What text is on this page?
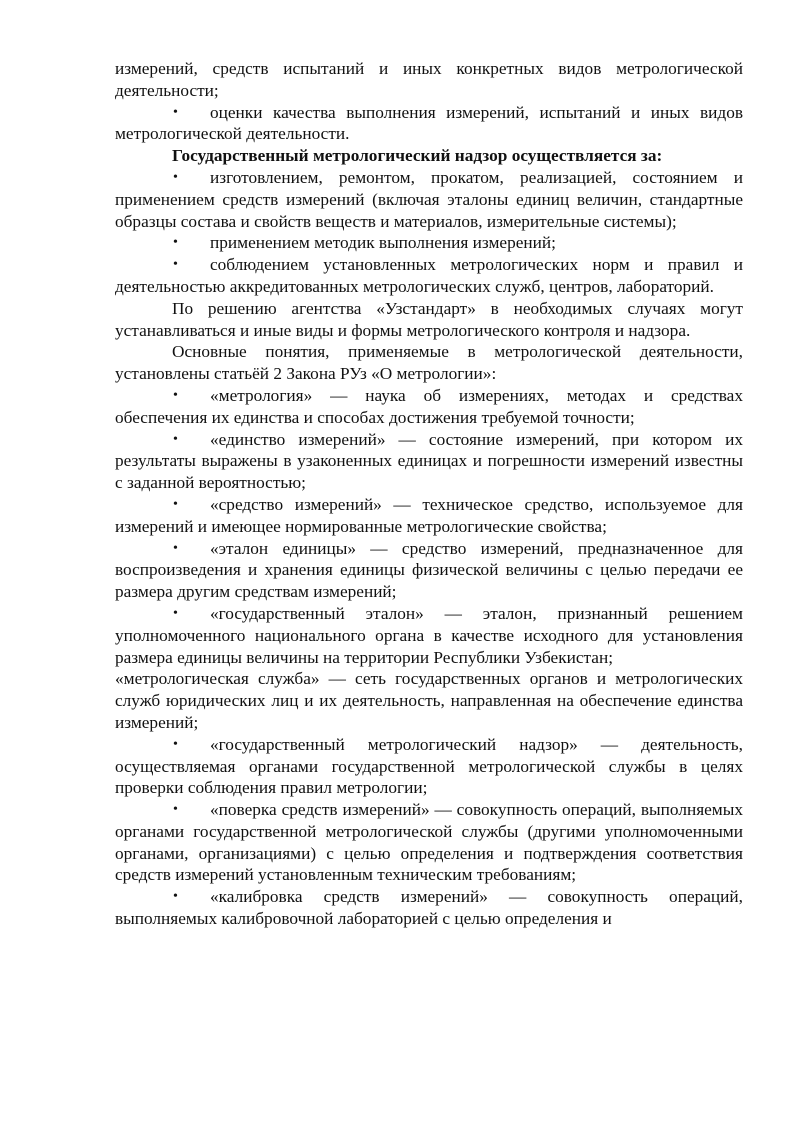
измерений, средств испытаний и иных конкретных видов метрологической деятельности;

• оценки качества выполнения измерений, испытаний и иных видов метрологической деятельности.

Государственный метрологический надзор осуществляется за:

• изготовлением, ремонтом, прокатом, реализацией, состоянием и применением средств измерений (включая эталоны единиц величин, стандартные образцы состава и свойств веществ и материалов, измерительные системы);

• применением методик выполнения измерений;

• соблюдением установленных метрологических норм и правил и деятельностью аккредитованных метрологических служб, центров, лабораторий.

По решению агентства «Узстандарт» в необходимых случаях могут устанавливаться и иные виды и формы метрологического контроля и надзора.

Основные понятия, применяемые в метрологической деятельности, установлены статьёй 2 Закона РУз «О метрологии»:

• «метрология» — наука об измерениях, методах и средствах обеспечения их единства и способах достижения требуемой точности;

• «единство измерений» — состояние измерений, при котором их результаты выражены в узаконенных единицах и погрешности измерений известны с заданной вероятностью;

• «средство измерений» — техническое средство, используемое для измерений и имеющее нормированные метрологические свойства;

• «эталон единицы» — средство измерений, предназначенное для воспроизведения и хранения единицы физической величины с целью передачи ее размера другим средствам измерений;

• «государственный эталон» — эталон, признанный решением уполномоченного национального органа в качестве исходного для установления размера единицы величины на территории Республики Узбекистан;

«метрологическая служба» — сеть государственных органов и метрологических служб юридических лиц и их деятельность, направленная на обеспечение единства измерений;

• «государственный метрологический надзор» — деятельность, осуществляемая органами государственной метрологической службы в целях проверки соблюдения правил метрологии;

• «поверка средств измерений» — совокупность операций, выполняемых органами государственной метрологической службы (другими уполномоченными органами, организациями) с целью определения и подтверждения соответствия средств измерений установленным техническим требованиям;

• «калибровка средств измерений» — совокупность операций, выполняемых калибровочной лабораторией с целью определения и
